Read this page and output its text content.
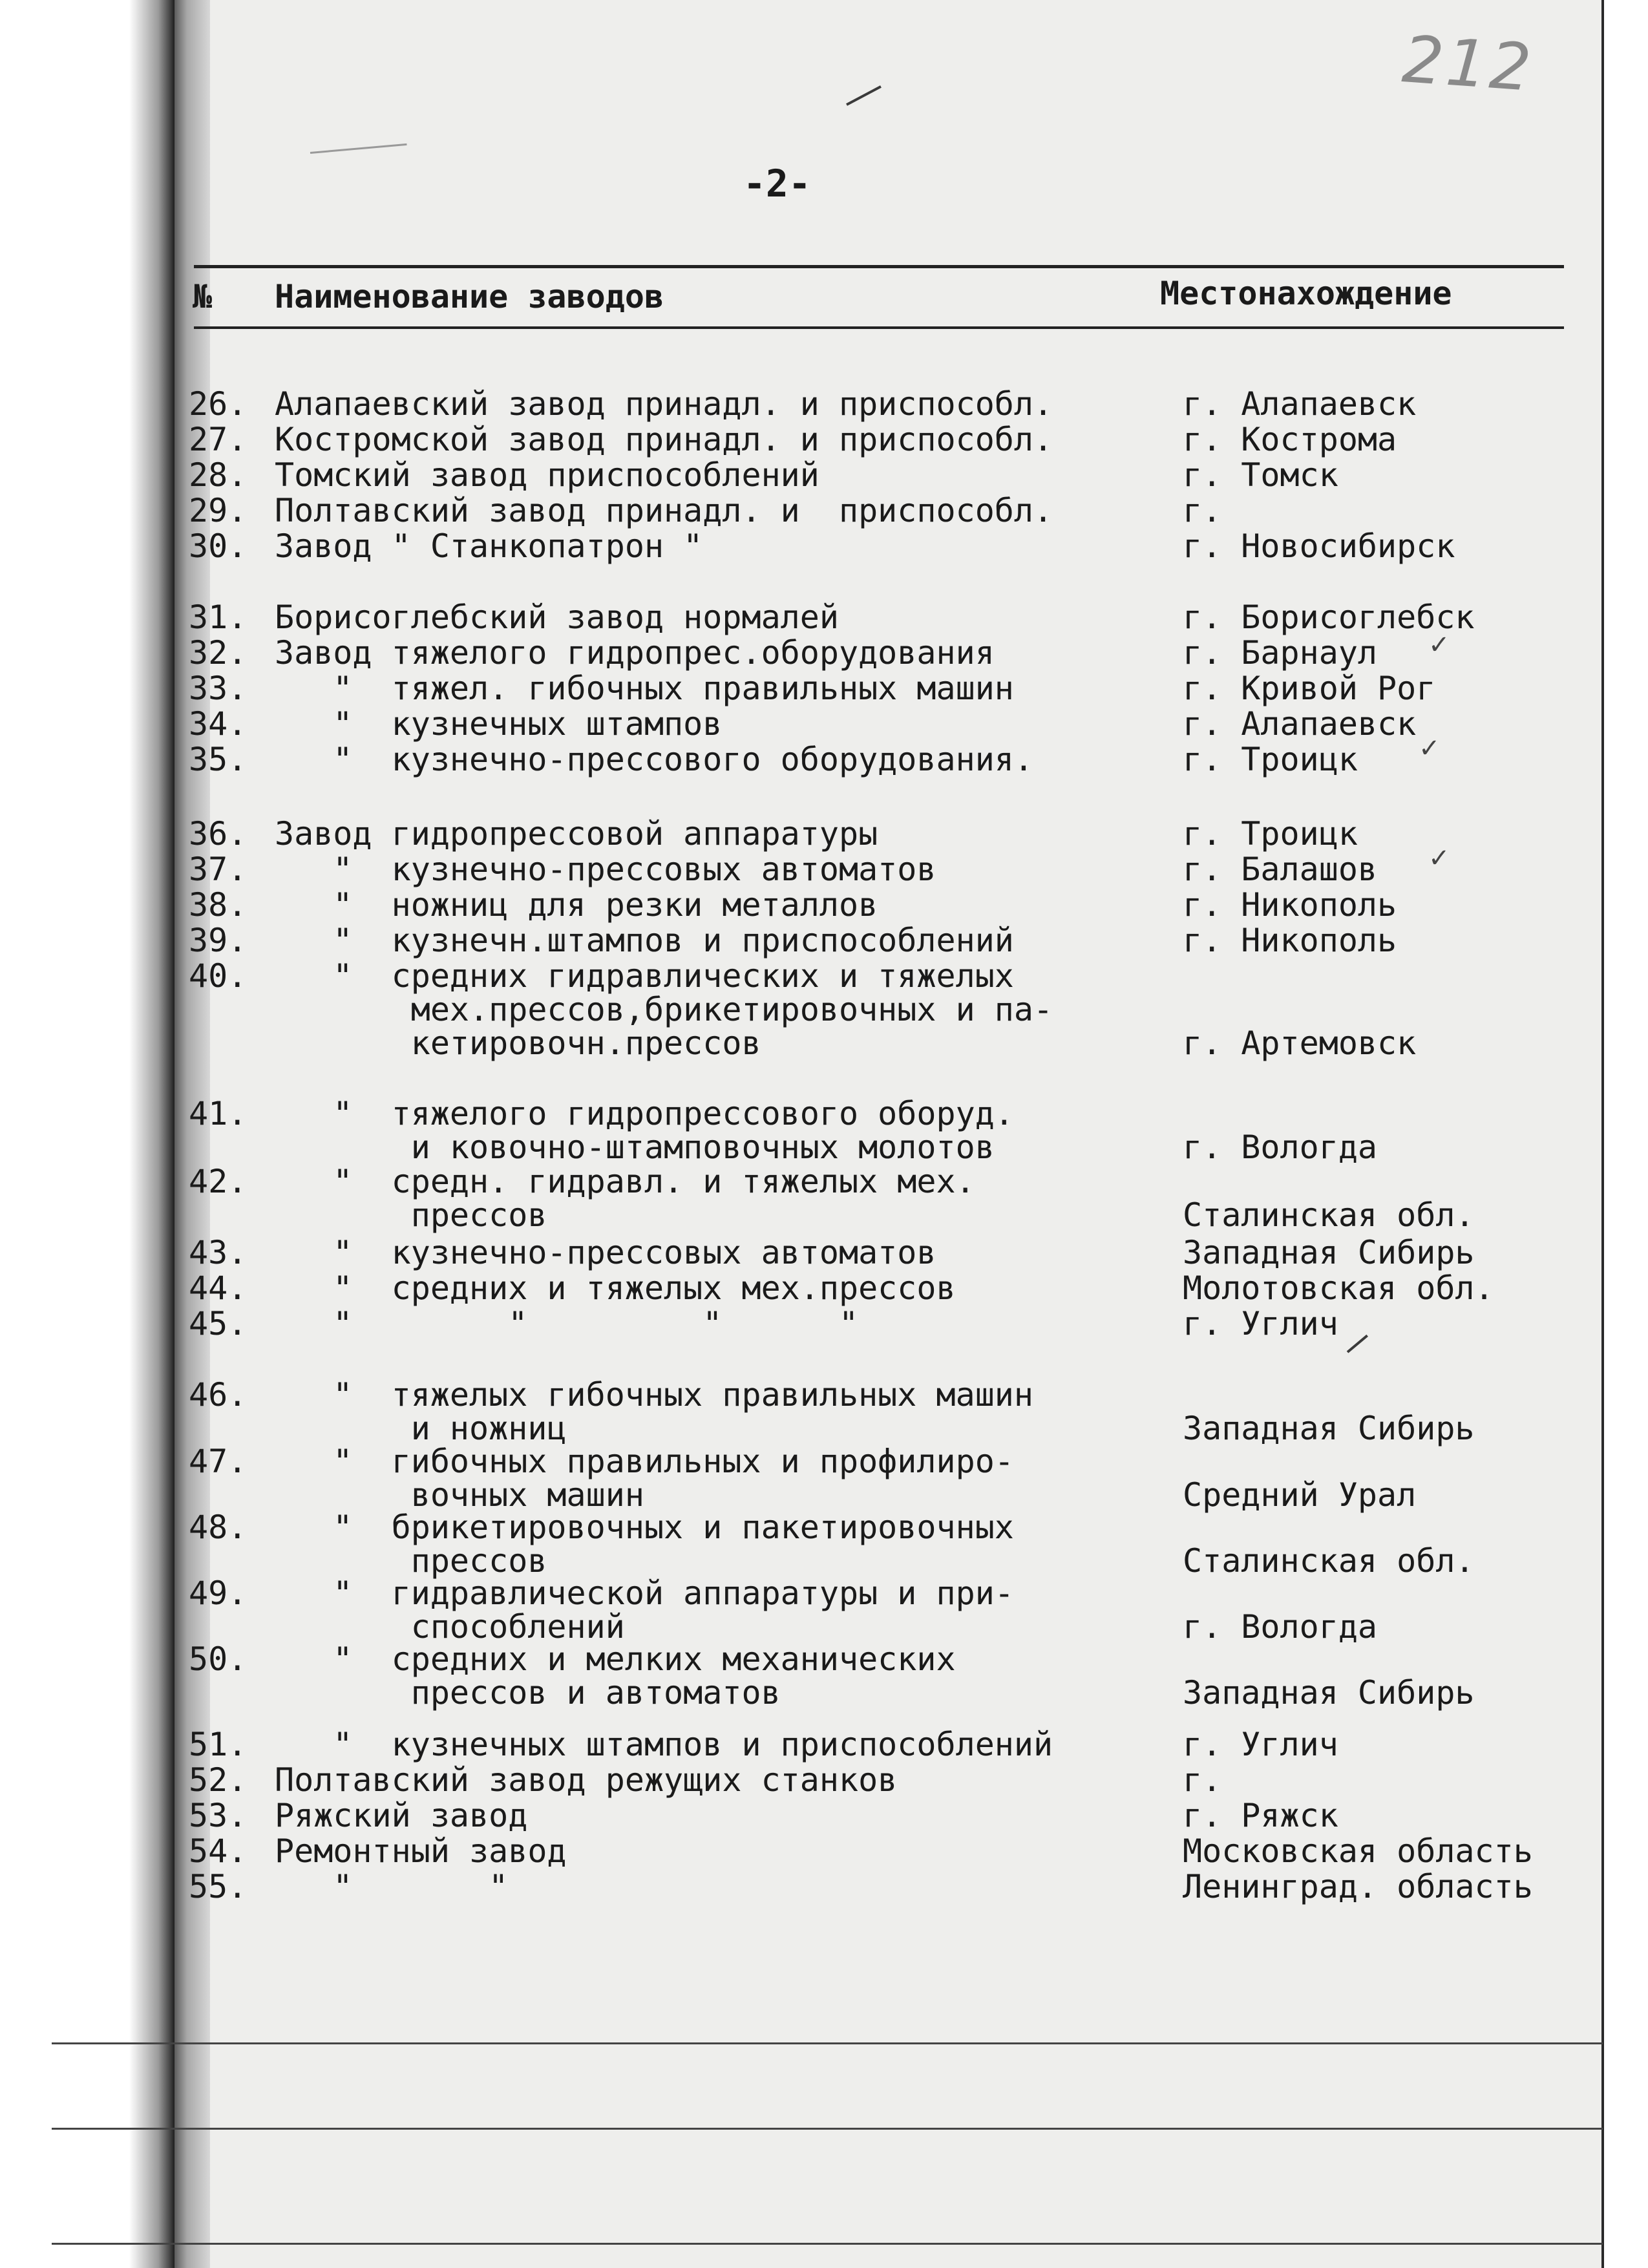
212
-2-
№ Наименование заводов	Местонахождение
26. Алапаевский завод принадл. и приспособл.	г. Алапаевск
27. Костромской завод принадл. и приспособл.	г. Кострома
28. Томский завод приспособлений	г. Томск
29. Полтавский завод принадл. и  приспособл.	г.
30. Завод " Станкопатрон "	г. Новосибирск
31. Борисоглебский завод нормалей	г. Борисоглебск
32. Завод тяжелого гидропрес.оборудования	г. Барнаул
33. "  тяжел. гибочных правильных машин	г. Кривой Рог
34. "  кузнечных штампов	г. Алапаевск
35. "  кузнечно-прессового оборудования.	г. Троицк
36. Завод гидропрессовой аппаратуры	г. Троицк
37. "  кузнечно-прессовых автоматов	г. Балашов
38. "  ножниц для резки металлов	г. Никополь
39. "  кузнечн.штампов и приспособлений	г. Никополь
40. "  средних гидравлических и тяжелых
мех.прессов,брикетировочных и па-
кетировочн.прессов	г. Артемовск
41. "  тяжелого гидропрессового оборуд.
и ковочно-штамповочных молотов	г. Вологда
42. "  средн. гидравл. и тяжелых мех.
прессов	Сталинская обл.
43. "  кузнечно-прессовых автоматов	Западная Сибирь
44. "  средних и тяжелых мех.прессов	Молотовская обл.
45. "        "         "      "	г. Углич
46. "  тяжелых гибочных правильных машин
и ножниц	Западная Сибирь
47. "  гибочных правильных и профилиро-
вочных машин	Средний Урал
48. "  брикетировочных и пакетировочных
прессов	Сталинская обл.
49. "  гидравлической аппаратуры и при-
способлений	г. Вологда
50. "  средних и мелких механических
прессов и автоматов	Западная Сибирь
51. "  кузнечных штампов и приспособлений	г. Углич
52. Полтавский завод режущих станков	г.
53. Ряжский завод	г. Ряжск
54. Ремонтный завод	Московская область
55. "       "	Ленинград. область
✓
✓
✓
